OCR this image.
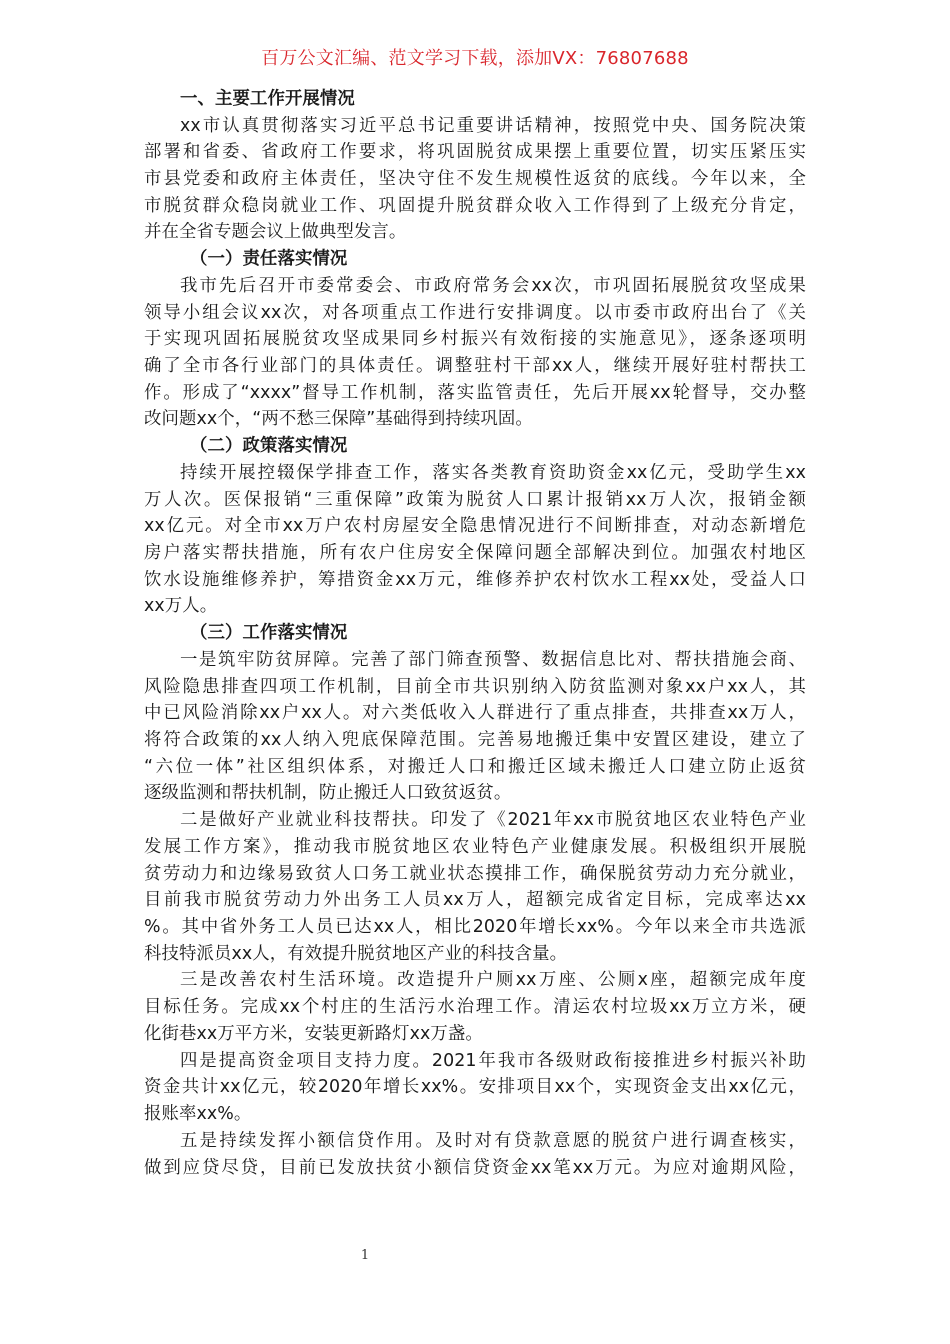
百万公文汇编、范文学习下载，添加VX：76807688
一、主要工作开展情况
xx市认真贯彻落实习近平总书记重要讲话精神，按照党中央、国务院决策
部署和省委、省政府工作要求，将巩固脱贫成果摆上重要位置，切实压紧压实
市县党委和政府主体责任，坚决守住不发生规模性返贫的底线。今年以来，全
市脱贫群众稳岗就业工作、巩固提升脱贫群众收入工作得到了上级充分肯定，
并在全省专题会议上做典型发言。
（一）责任落实情况
我市先后召开市委常委会、市政府常务会xx次，市巩固拓展脱贫攻坚成果
领导小组会议xx次，对各项重点工作进行安排调度。以市委市政府出台了《关
于实现巩固拓展脱贫攻坚成果同乡村振兴有效衔接的实施意见》，逐条逐项明
确了全市各行业部门的具体责任。调整驻村干部xx人，继续开展好驻村帮扶工
作。形成了“xxxx”督导工作机制，落实监管责任，先后开展xx轮督导，交办整
改问题xx个，“两不愁三保障”基础得到持续巩固。
（二）政策落实情况
持续开展控辍保学排查工作，落实各类教育资助资金xx亿元，受助学生xx
万人次。医保报销“三重保障”政策为脱贫人口累计报销xx万人次，报销金额
xx亿元。对全市xx万户农村房屋安全隐患情况进行不间断排查，对动态新增危
房户落实帮扶措施，所有农户住房安全保障问题全部解决到位。加强农村地区
饮水设施维修养护，筹措资金xx万元，维修养护农村饮水工程xx处，受益人口
xx万人。
（三）工作落实情况
一是筑牢防贫屏障。完善了部门筛查预警、数据信息比对、帮扶措施会商、
风险隐患排查四项工作机制，目前全市共识别纳入防贫监测对象xx户xx人，其
中已风险消除xx户xx人。对六类低收入人群进行了重点排查，共排查xx万人，
将符合政策的xx人纳入兜底保障范围。完善易地搬迁集中安置区建设，建立了
“六位一体”社区组织体系，对搬迁人口和搬迁区域未搬迁人口建立防止返贫
逐级监测和帮扶机制，防止搬迁人口致贫返贫。
二是做好产业就业科技帮扶。印发了《2021年xx市脱贫地区农业特色产业
发展工作方案》，推动我市脱贫地区农业特色产业健康发展。积极组织开展脱
贫劳动力和边缘易致贫人口务工就业状态摸排工作，确保脱贫劳动力充分就业，
目前我市脱贫劳动力外出务工人员xx万人，超额完成省定目标，完成率达xx
%。其中省外务工人员已达xx人，相比2020年增长xx%。今年以来全市共选派
科技特派员xx人，有效提升脱贫地区产业的科技含量。
三是改善农村生活环境。改造提升户厕xx万座、公厕x座，超额完成年度
目标任务。完成xx个村庄的生活污水治理工作。清运农村垃圾xx万立方米，硬
化街巷xx万平方米，安装更新路灯xx万盏。
四是提高资金项目支持力度。2021年我市各级财政衔接推进乡村振兴补助
资金共计xx亿元，较2020年增长xx%。安排项目xx个，实现资金支出xx亿元，
报账率xx%。
五是持续发挥小额信贷作用。及时对有贷款意愿的脱贫户进行调查核实，
做到应贷尽贷，目前已发放扶贫小额信贷资金xx笔xx万元。为应对逾期风险，
1
